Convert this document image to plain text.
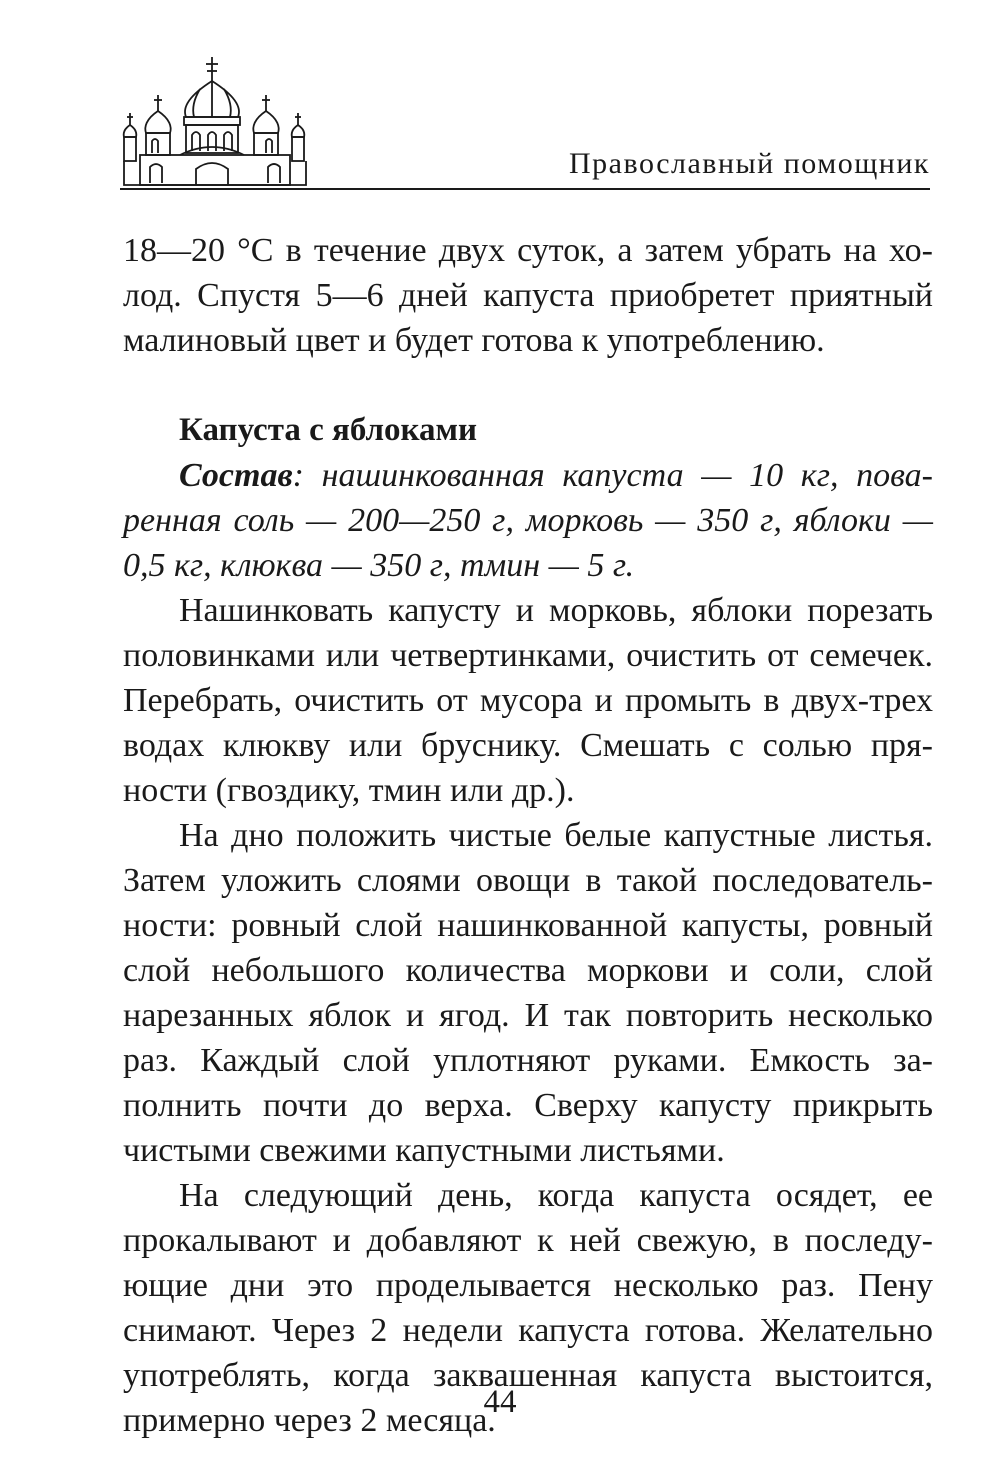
Православный помощник

18—20 °С в течение двух суток, а затем убрать на хо-
лод. Спустя 5—6 дней капуста приобретет приятный
малиновый цвет и будет готова к употреблению.

Капуста с яблоками

Состав: нашинкованная капуста — 10 кг, пова-
ренная соль — 200—250 г, морковь — 350 г, яблоки —
0,5 кг, клюква — 350 г, тмин — 5 г.

Нашинковать капусту и морковь, яблоки порезать
половинками или четвертинками, очистить от семечек.
Перебрать, очистить от мусора и промыть в двух-трех
водах клюкву или бруснику. Смешать с солью пря-
ности (гвоздику, тмин или др.).

На дно положить чистые белые капустные листья.
Затем уложить слоями овощи в такой последователь-
ности: ровный слой нашинкованной капусты, ровный
слой небольшого количества моркови и соли, слой
нарезанных яблок и ягод. И так повторить несколько
раз. Каждый слой уплотняют руками. Емкость за-
полнить почти до верха. Сверху капусту прикрыть
чистыми свежими капустными листьями.

На следующий день, когда капуста осядет, ее
прокалывают и добавляют к ней свежую, в последу-
ющие дни это проделывается несколько раз. Пену
снимают. Через 2 недели капуста готова. Желательно
употреблять, когда заквашенная капуста выстоится,
примерно через 2 месяца.

44
